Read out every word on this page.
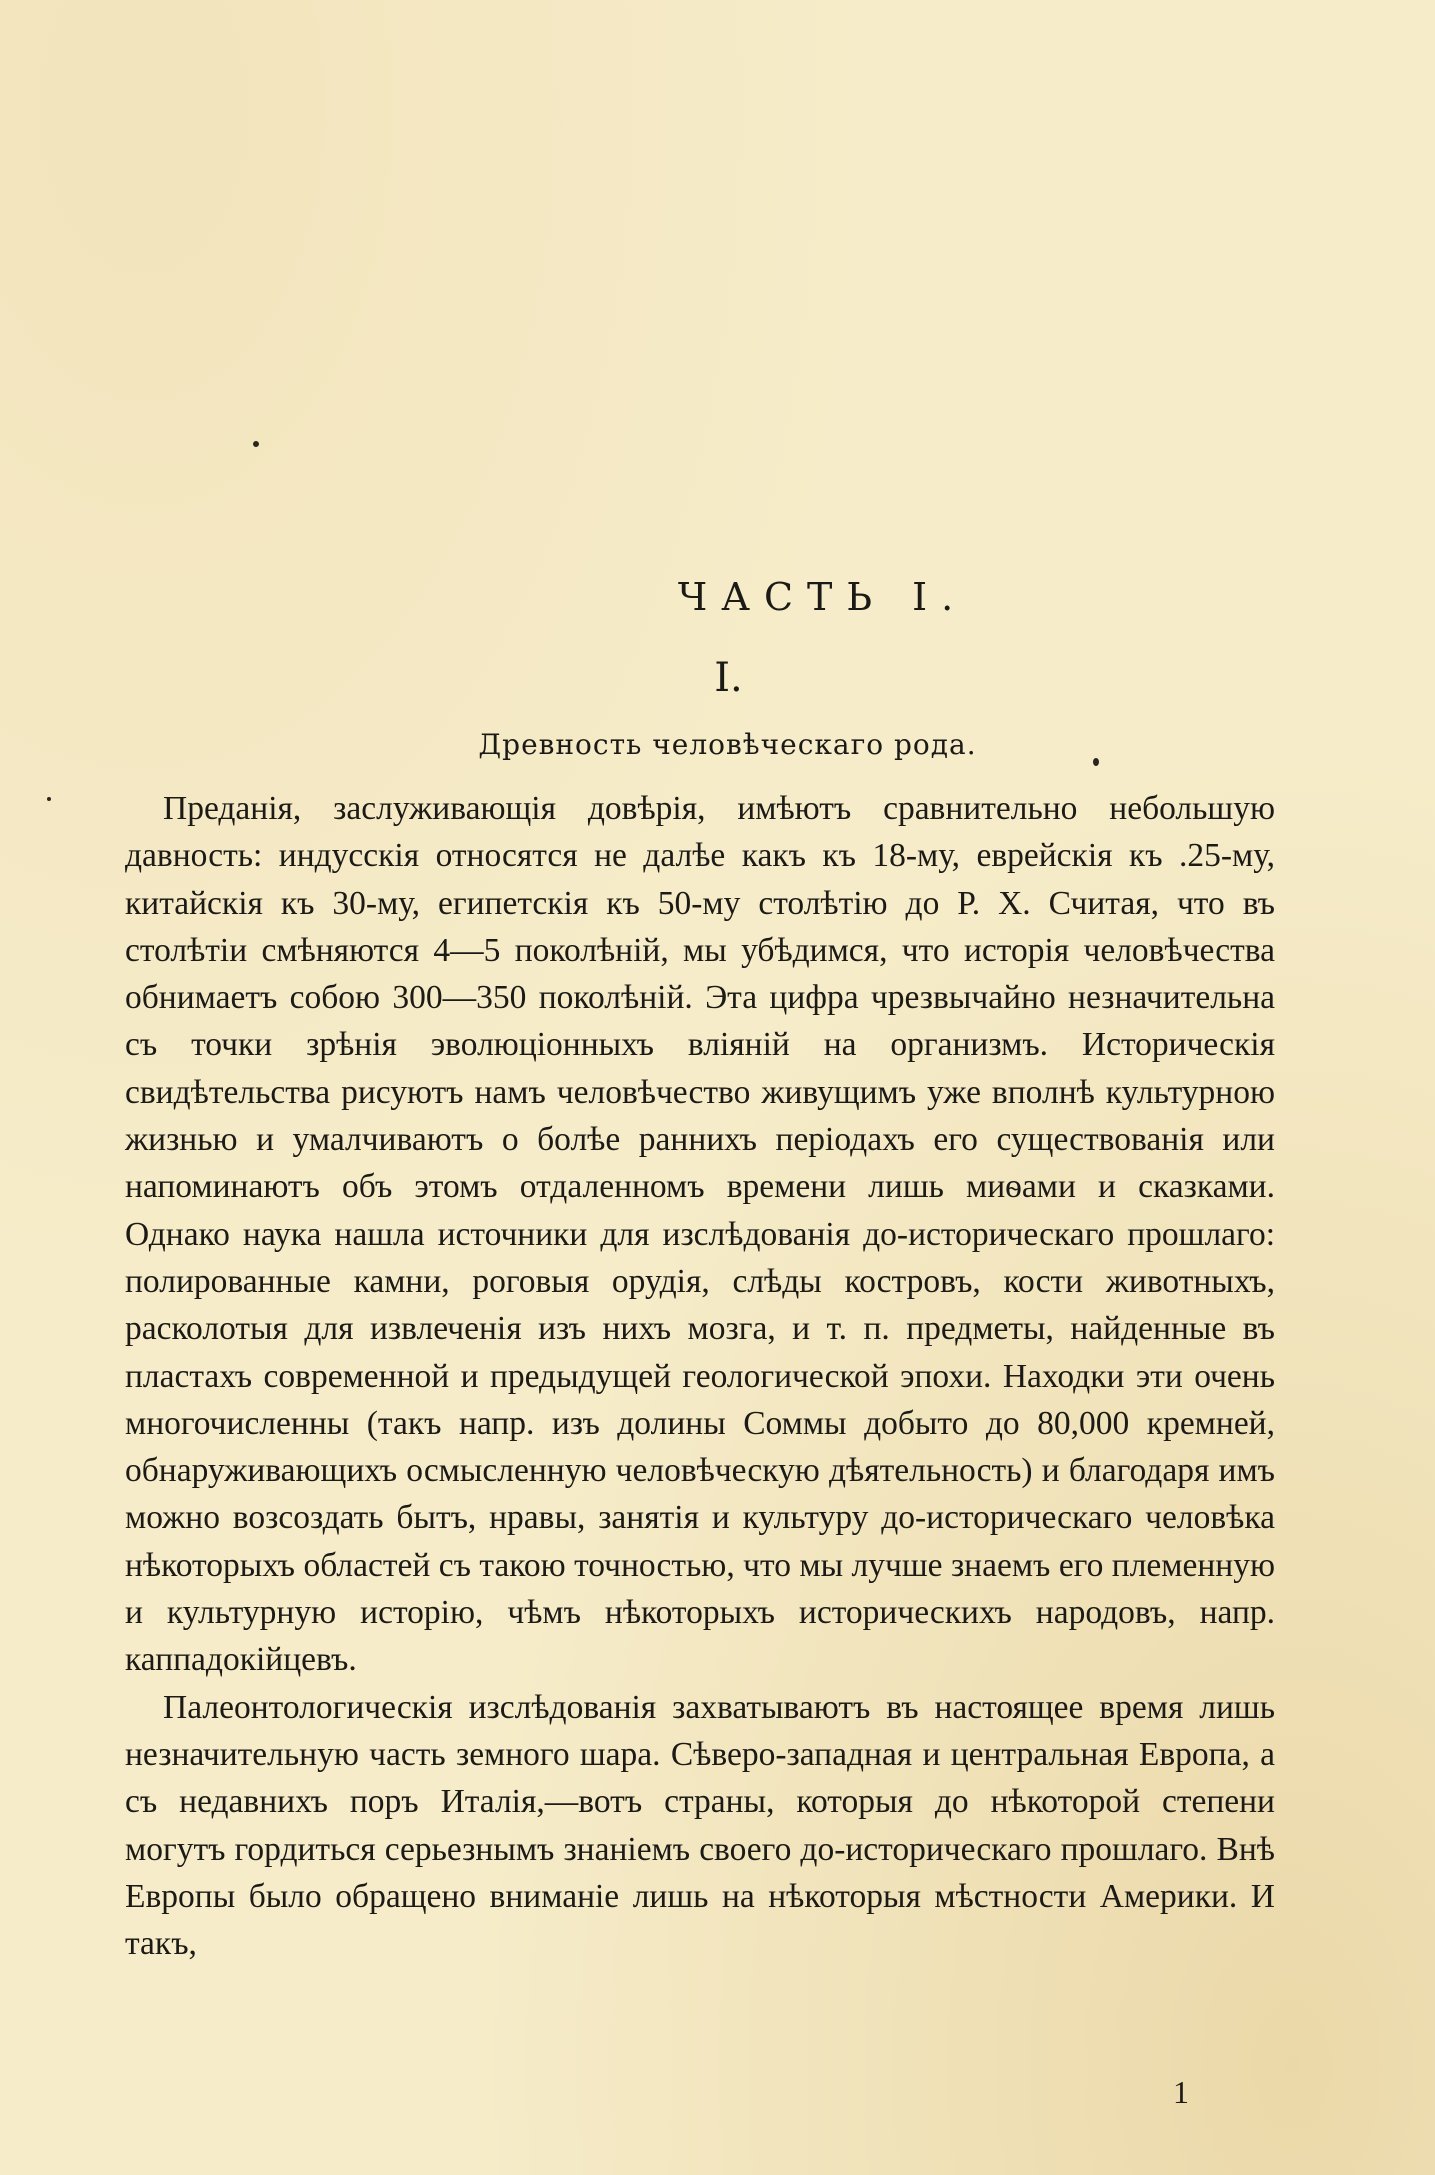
ЧАСТЬ I.
I.
Древность человѣческаго рода.

Преданія, заслуживающія довѣрія, имѣютъ сравнительно небольшую давность: индусскія относятся не далѣе какъ къ 18-му, еврейскія къ .25-му, китайскія къ 30-му, египетскія къ 50-му столѣтію до Р. Х. Считая, что въ столѣтіи смѣняются 4—5 поколѣній, мы убѣдимся, что исторія человѣчества обнимаетъ собою 300—350 поколѣній. Эта цифра чрезвычайно незначительна съ точки зрѣнія эволюціонныхъ вліяній на организмъ. Историческія свидѣтельства рисуютъ намъ человѣчество живущимъ уже вполнѣ культурною жизнью и умалчиваютъ о болѣе раннихъ періодахъ его существованія или напоминаютъ объ этомъ отдаленномъ времени лишь миѳами и сказками. Однако наука нашла источники для изслѣдованія до-историческаго прошлаго: полированные камни, роговыя орудія, слѣды костровъ, кости животныхъ, расколотыя для извлеченія изъ нихъ мозга, и т. п. предметы, найденные въ пластахъ современной и предыдущей геологической эпохи. Находки эти очень многочисленны (такъ напр. изъ долины Соммы добыто до 80,000 кремней, обнаруживающихъ осмысленную человѣческую дѣятельность) и благодаря имъ можно возсоздать бытъ, нравы, занятія и культуру до-историческаго человѣка нѣкоторыхъ областей съ такою точностью, что мы лучше знаемъ его племенную и культурную исторію, чѣмъ нѣкоторыхъ историческихъ народовъ, напр. каппадокійцевъ.

Палеонтологическія изслѣдованія захватываютъ въ настоящее время лишь незначительную часть земного шара. Сѣверо-западная и центральная Европа, а съ недавнихъ поръ Италія,—вотъ страны, которыя до нѣкоторой степени могутъ гордиться серьезнымъ знаніемъ своего до-историческаго прошлаго. Внѣ Европы было обращено вниманіе лишь на нѣкоторыя мѣстности Америки. И такъ,

1
